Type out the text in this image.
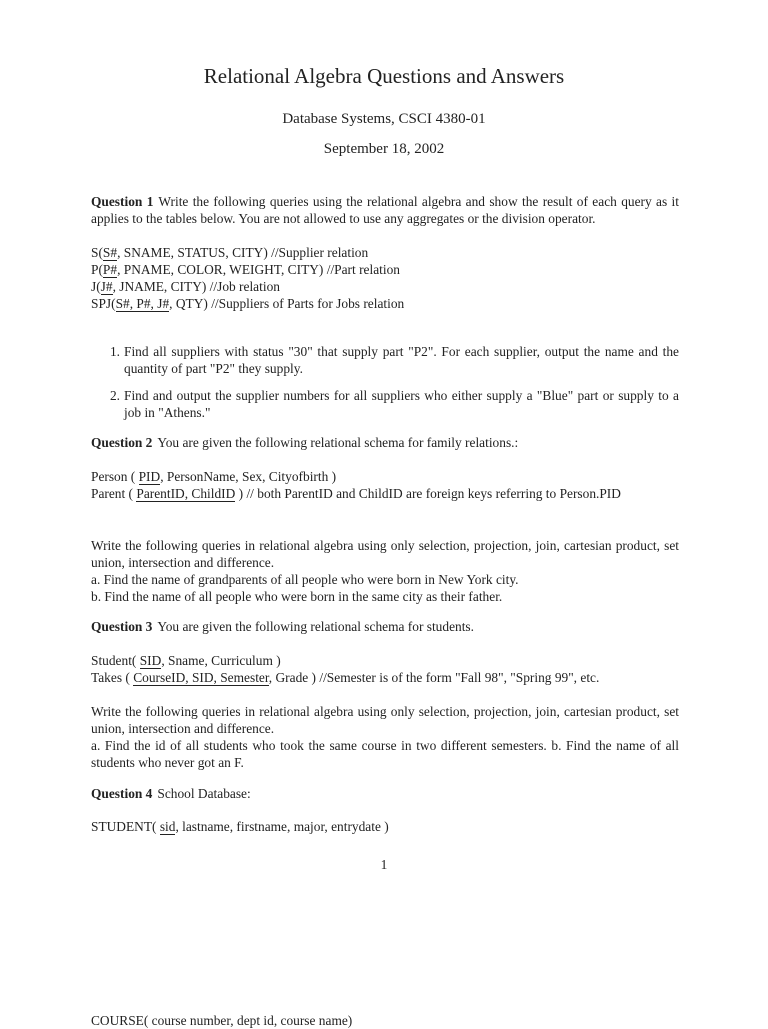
Relational Algebra Questions and Answers
Database Systems, CSCI 4380-01
September 18, 2002

Question 1 Write the following queries using the relational algebra and show the result of each query as it applies to the tables below. You are not allowed to use any aggregates or the division operator.

S(S#, SNAME, STATUS, CITY) //Supplier relation
P(P#, PNAME, COLOR, WEIGHT, CITY) //Part relation
J(J#, JNAME, CITY) //Job relation
SPJ(S#, P#, J#, QTY) //Suppliers of Parts for Jobs relation
1. Find all suppliers with status "30" that supply part "P2". For each supplier, output the name and the quantity of part "P2" they supply.
2. Find and output the supplier numbers for all suppliers who either supply a "Blue" part or supply to a job in "Athens."

Question 2 You are given the following relational schema for family relations.:

Person ( PID, PersonName, Sex, Cityofbirth )

Parent ( ParentID, ChildID ) // both ParentID and ChildID are foreign keys referring to Person.PID

Write the following queries in relational algebra using only selection, projection, join, cartesian product, set union, intersection and difference.

a. Find the name of grandparents of all people who were born in New York city.
b. Find the name of all people who were born in the same city as their father.

Question 3 You are given the following relational schema for students.

Student( SID, Sname, Curriculum )
Takes ( CourseID, SID, Semester, Grade ) //Semester is of the form "Fall 98", "Spring 99", etc.

Write the following queries in relational algebra using only selection, projection, join, cartesian product, set union, intersection and difference.

a. Find the id of all students who took the same course in two different semesters. b. Find the name of all students who never got an F.

Question 4 School Database:

STUDENT( sid, lastname, firstname, major, entrydate )
1
COURSE( course number, dept id, course name)
